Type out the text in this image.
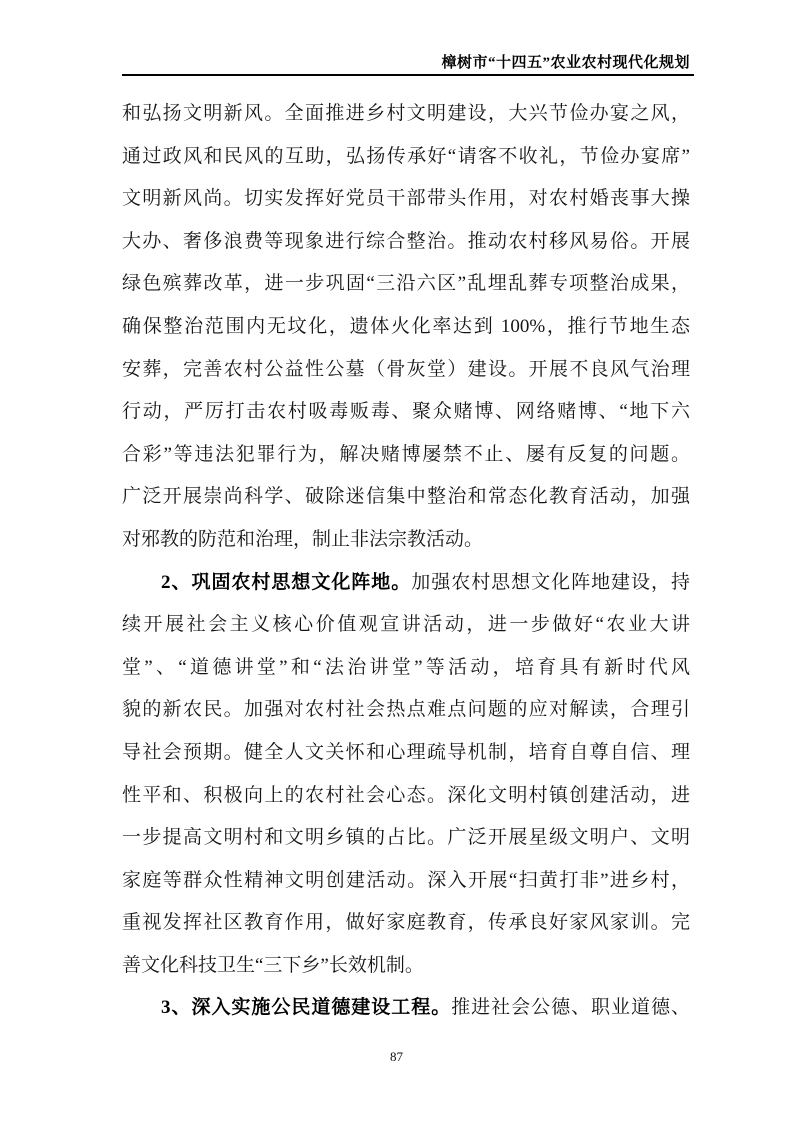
樟树市“十四五”农业农村现代化规划
和弘扬文明新风。全面推进乡村文明建设，大兴节俭办宴之风，
通过政风和民风的互助，弘扬传承好“请客不收礼，节俭办宴席”
文明新风尚。切实发挥好党员干部带头作用，对农村婚丧事大操
大办、奢侈浪费等现象进行综合整治。推动农村移风易俗。开展
绿色殡葬改革，进一步巩固“三沿六区”乱埋乱葬专项整治成果，
确保整治范围内无坟化，遗体火化率达到 100%，推行节地生态
安葬，完善农村公益性公墓（骨灰堂）建设。开展不良风气治理
行动，严厉打击农村吸毒贩毒、聚众赌博、网络赌博、“地下六
合彩”等违法犯罪行为，解决赌博屡禁不止、屡有反复的问题。
广泛开展崇尚科学、破除迷信集中整治和常态化教育活动，加强
对邪教的防范和治理，制止非法宗教活动。
2、巩固农村思想文化阵地。加强农村思想文化阵地建设，持
续开展社会主义核心价值观宣讲活动，进一步做好“农业大讲
堂”、“道德讲堂”和“法治讲堂”等活动，培育具有新时代风
貌的新农民。加强对农村社会热点难点问题的应对解读，合理引
导社会预期。健全人文关怀和心理疏导机制，培育自尊自信、理
性平和、积极向上的农村社会心态。深化文明村镇创建活动，进
一步提高文明村和文明乡镇的占比。广泛开展星级文明户、文明
家庭等群众性精神文明创建活动。深入开展“扫黄打非”进乡村，
重视发挥社区教育作用，做好家庭教育，传承良好家风家训。完
善文化科技卫生“三下乡”长效机制。
3、深入实施公民道德建设工程。推进社会公德、职业道德、
87
